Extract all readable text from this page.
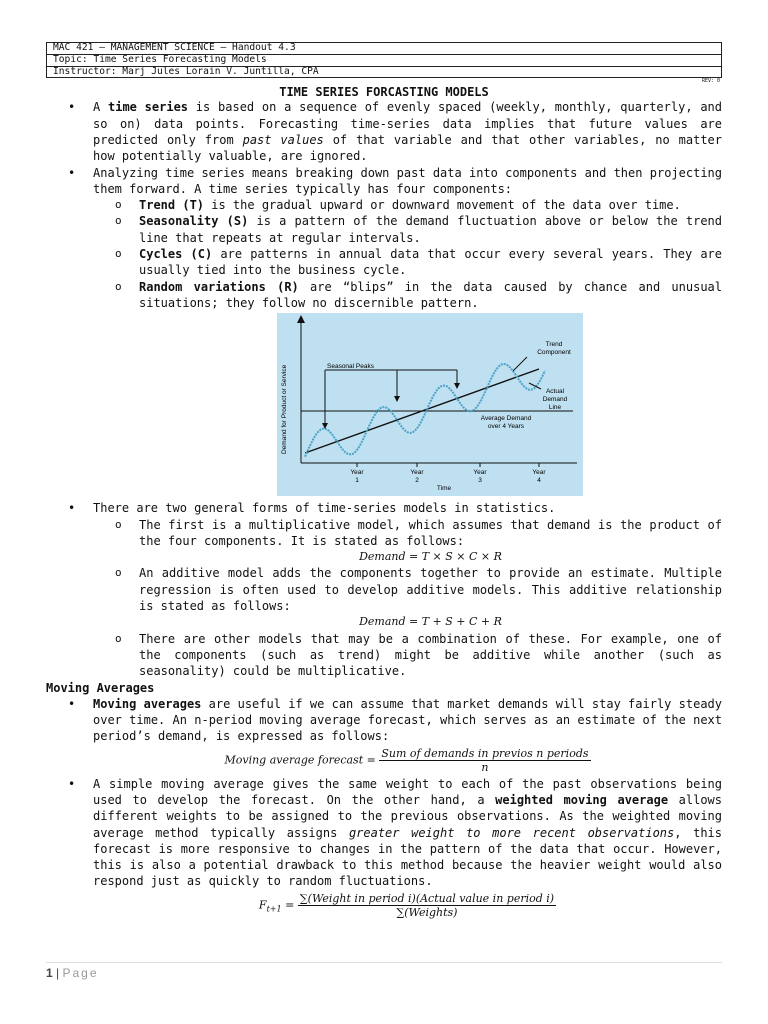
MAC 421 – MANAGEMENT SCIENCE – Handout 4.3
Topic: Time Series Forecasting Models
Instructor: Marj Jules Lorain V. Juntilla, CPA
REV: 0
TIME SERIES FORCASTING MODELS
• A time series is based on a sequence of evenly spaced (weekly, monthly, quarterly, and so on) data points. Forecasting time-series data implies that future values are predicted only from past values of that variable and that other variables, no matter how potentially valuable, are ignored.
• Analyzing time series means breaking down past data into components and then projecting them forward. A time series typically has four components:
o Trend (T) is the gradual upward or downward movement of the data over time.
o Seasonality (S) is a pattern of the demand fluctuation above or below the trend line that repeats at regular intervals.
o Cycles (C) are patterns in annual data that occur every several years. They are usually tied into the business cycle.
o Random variations (R) are “blips” in the data caused by chance and unusual situations; they follow no discernible pattern.
Demand for Product or Service	Seasonal Peaks
Trend
Component
Actual
Demand
Line
Average Demand
over 4 Years
Year
1
Year
2
Year
3
Year
4
Time
• There are two general forms of time-series models in statistics.
o The first is a multiplicative model, which assumes that demand is the product of the four components. It is stated as follows:
Demand = T × S × C × R
o An additive model adds the components together to provide an estimate. Multiple regression is often used to develop additive models. This additive relationship is stated as follows:
Demand = T + S + C + R
o There are other models that may be a combination of these. For example, one of the components (such as trend) might be additive while another (such as seasonality) could be multiplicative.
Moving Averages
• Moving averages are useful if we can assume that market demands will stay fairly steady over time. An n-period moving average forecast, which serves as an estimate of the next period’s demand, is expressed as follows:
Moving average forecast = $\frac{\text{Sum of demands in previos n periods}}{n}$
• A simple moving average gives the same weight to each of the past observations being used to develop the forecast. On the other hand, a weighted moving average allows different weights to be assigned to the previous observations. As the weighted moving average method typically assigns greater weight to more recent observations, this forecast is more responsive to changes in the pattern of the data that occur. However, this is also a potential drawback to this method because the heavier weight would also respond just as quickly to random fluctuations.
$F_{t+1} = \frac{\text{∑(Weight in period i)(Actual value in period i)}}{\text{∑(Weights)}}$
1 | Page
